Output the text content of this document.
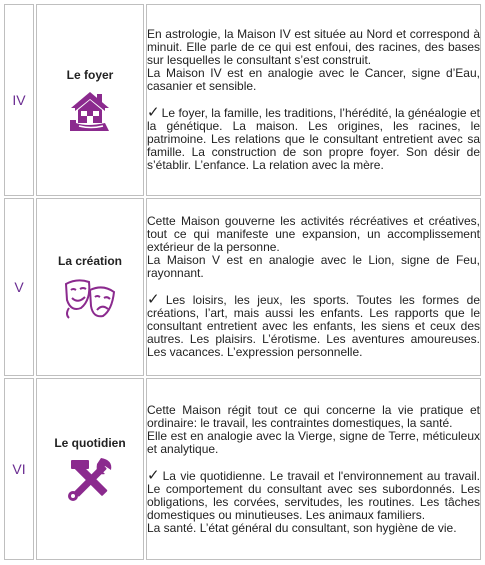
IV	Le foyer	En astrologie, la Maison IV est située au Nord et correspond à minuit. Elle parle de ce qui est enfoui, des racines, des bases sur lesquelles le consultant s’est construit.

La Maison IV est en analogie avec le Cancer, signe d’Eau, casanier et sensible.

✓ Le foyer, la famille, les traditions, l’hérédité, la généalogie et la génétique. La maison. Les origines, les racines, le patrimoine. Les relations que le consultant entretient avec sa famille. La construction de son propre foyer. Son désir de s’établir. L’enfance. La relation avec la mère.

V	La création	Cette Maison gouverne les activités récréatives et créatives, tout ce qui manifeste une expansion, un accomplissement extérieur de la personne.

La Maison V est en analogie avec le Lion, signe de Feu, rayonnant.

✓ Les loisirs, les jeux, les sports. Toutes les formes de créations, l’art, mais aussi les enfants. Les rapports que le consultant entretient avec les enfants, les siens et ceux des autres. Les plaisirs. L’érotisme. Les aventures amoureuses. Les vacances. L’expression personnelle.

VI	Le quotidien	Cette Maison régit tout ce qui concerne la vie pratique et ordinaire: le travail, les contraintes domestiques, la santé.

Elle est en analogie avec la Vierge, signe de Terre, méticuleux et analytique.

✓ La vie quotidienne. Le travail et l'environnement au travail. Le comportement du consultant avec ses subordonnés. Les obligations, les corvées, servitudes, les routines. Les tâches domestiques ou minutieuses. Les animaux familiers.

La santé. L’état général du consultant, son hygiène de vie.
